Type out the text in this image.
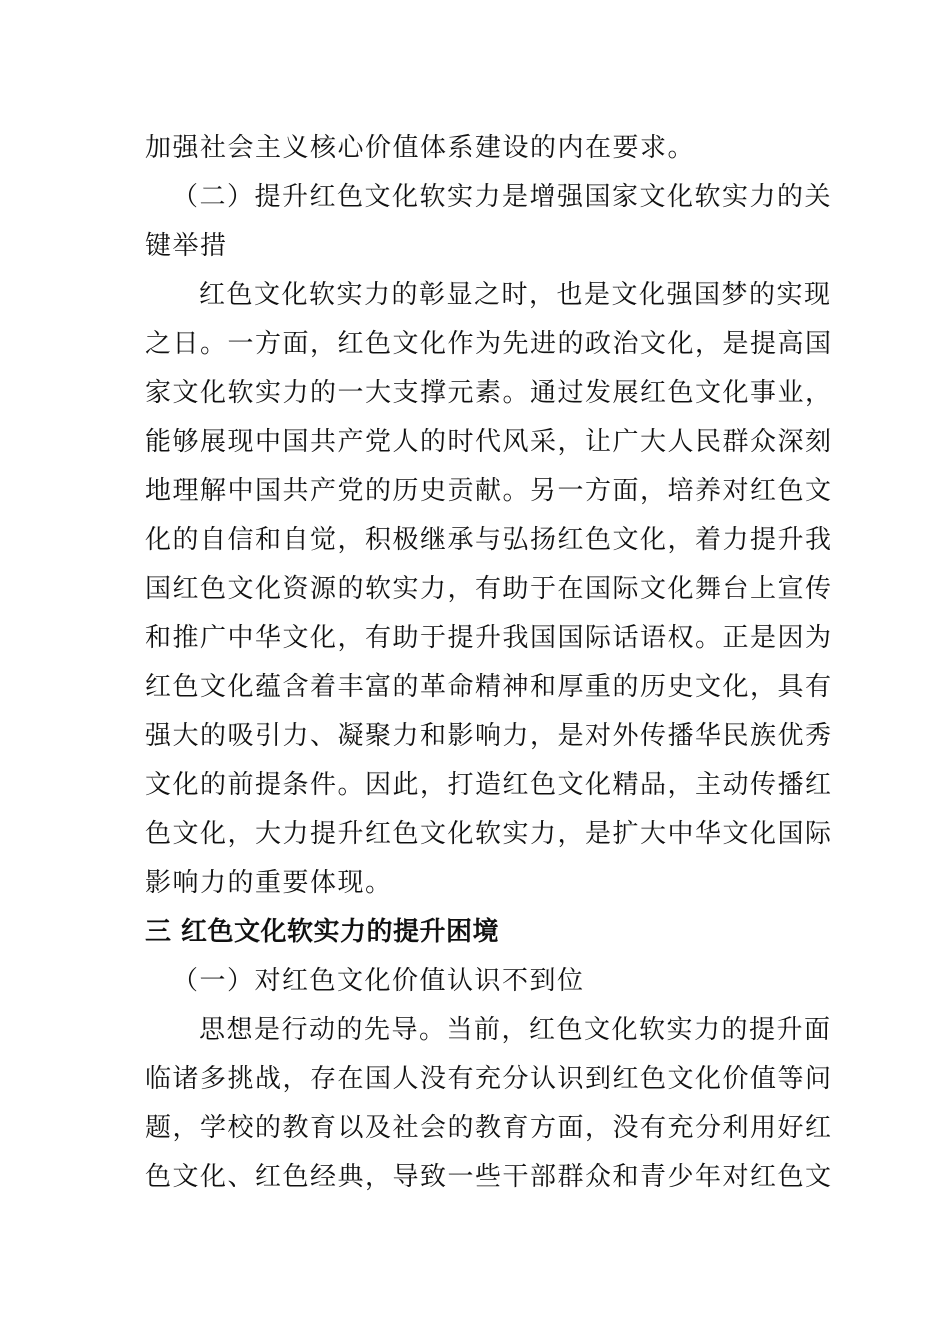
加强社会主义核心价值体系建设的内在要求。
（二）提升红色文化软实力是增强国家文化软实力的关
键举措
红色文化软实力的彰显之时，也是文化强国梦的实现
之日。一方面，红色文化作为先进的政治文化，是提高国
家文化软实力的一大支撑元素。通过发展红色文化事业，
能够展现中国共产党人的时代风采，让广大人民群众深刻
地理解中国共产党的历史贡献。另一方面，培养对红色文
化的自信和自觉，积极继承与弘扬红色文化，着力提升我
国红色文化资源的软实力，有助于在国际文化舞台上宣传
和推广中华文化，有助于提升我国国际话语权。正是因为
红色文化蕴含着丰富的革命精神和厚重的历史文化，具有
强大的吸引力、凝聚力和影响力，是对外传播华民族优秀
文化的前提条件。因此，打造红色文化精品，主动传播红
色文化，大力提升红色文化软实力，是扩大中华文化国际
影响力的重要体现。
三 红色文化软实力的提升困境
（一）对红色文化价值认识不到位
思想是行动的先导。当前，红色文化软实力的提升面
临诸多挑战，存在国人没有充分认识到红色文化价值等问
题，学校的教育以及社会的教育方面，没有充分利用好红
色文化、红色经典，导致一些干部群众和青少年对红色文
